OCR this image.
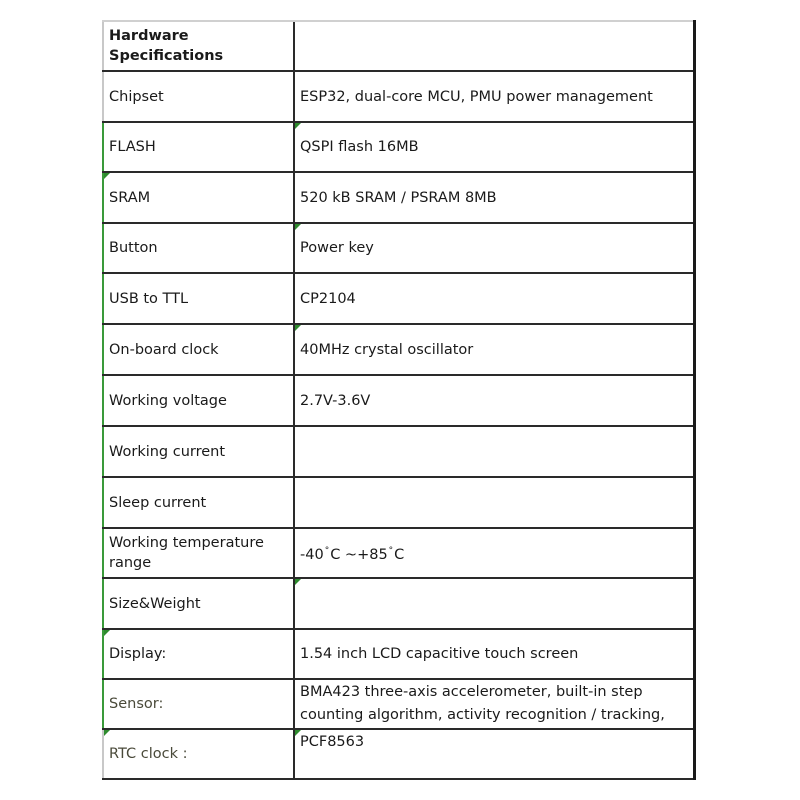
Hardware Specifications	
Chipset	ESP32, dual-core MCU, PMU power management
FLASH	QSPI flash 16MB

SRAM	520 kB SRAM / PSRAM 8MB
Button	Power key
USB to TTL	CP2104
On-board clock	40MHz crystal oscillator
Working voltage	2.7V-3.6V
Working current	
Sleep current	
Working temperature range	-40°C ~+85°C
Size&Weight	

Display:	1.54 inch LCD capacitive touch screen
Sensor:	BMA423 three-axis accelerometer, built-in step counting algorithm, activity recognition / tracking,

RTC clock :	PCF8563
